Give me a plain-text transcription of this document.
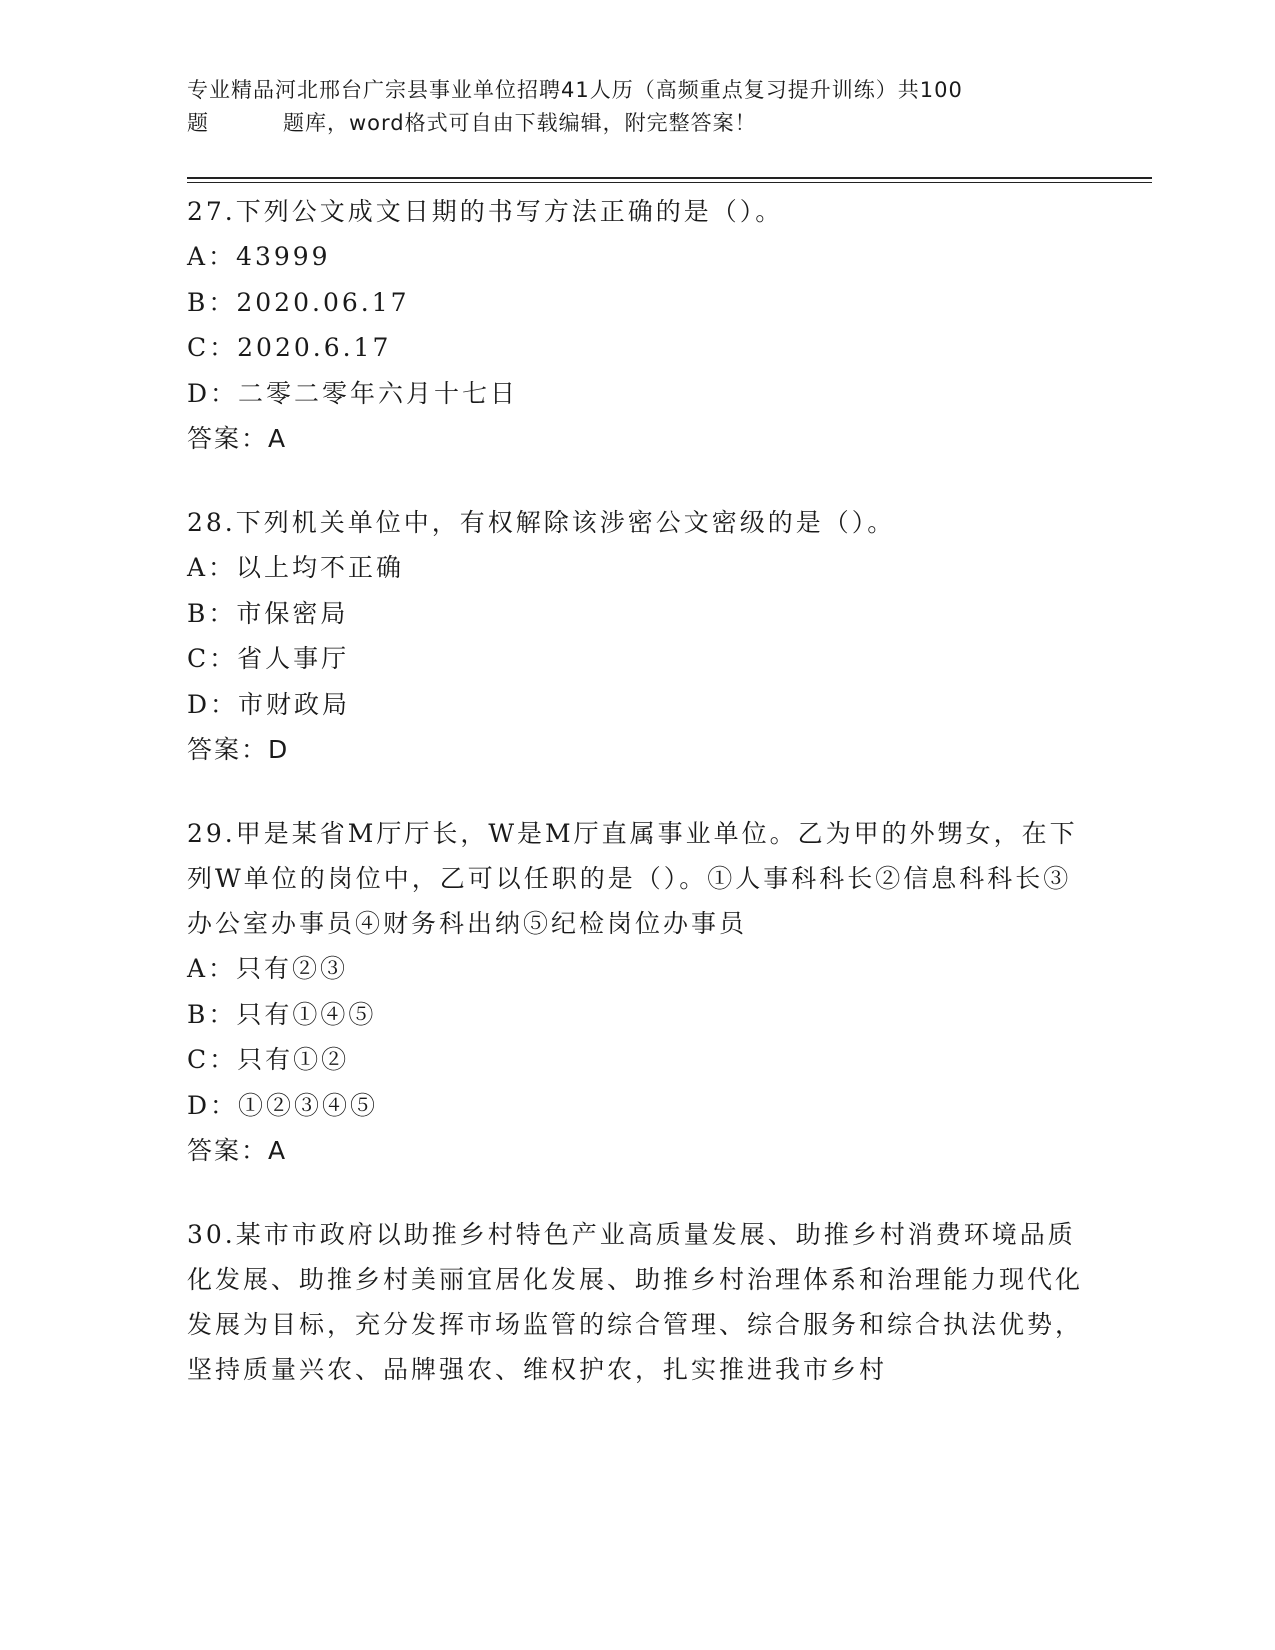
专业精品河北邢台广宗县事业单位招聘41人历（高频重点复习提升训练）共100
题	题库，word格式可自由下载编辑，附完整答案！
27.下列公文成文日期的书写方法正确的是（）。
A：43999
B：2020.06.17
C：2020.6.17
D：二零二零年六月十七日
答案：A
28.下列机关单位中，有权解除该涉密公文密级的是（）。
A：以上均不正确
B：市保密局
C：省人事厅
D：市财政局
答案：D
29.甲是某省M厅厅长，W是M厅直属事业单位。乙为甲的外甥女，在下列W单位的岗位中，乙可以任职的是（）。①人事科科长②信息科科长③办公室办事员④财务科出纳⑤纪检岗位办事员
A：只有②③
B：只有①④⑤
C：只有①②
D：①②③④⑤
答案：A
30.某市市政府以助推乡村特色产业高质量发展、助推乡村消费环境品质化发展、助推乡村美丽宜居化发展、助推乡村治理体系和治理能力现代化发展为目标，充分发挥市场监管的综合管理、综合服务和综合执法优势，坚持质量兴农、品牌强农、维权护农，扎实推进我市乡村
